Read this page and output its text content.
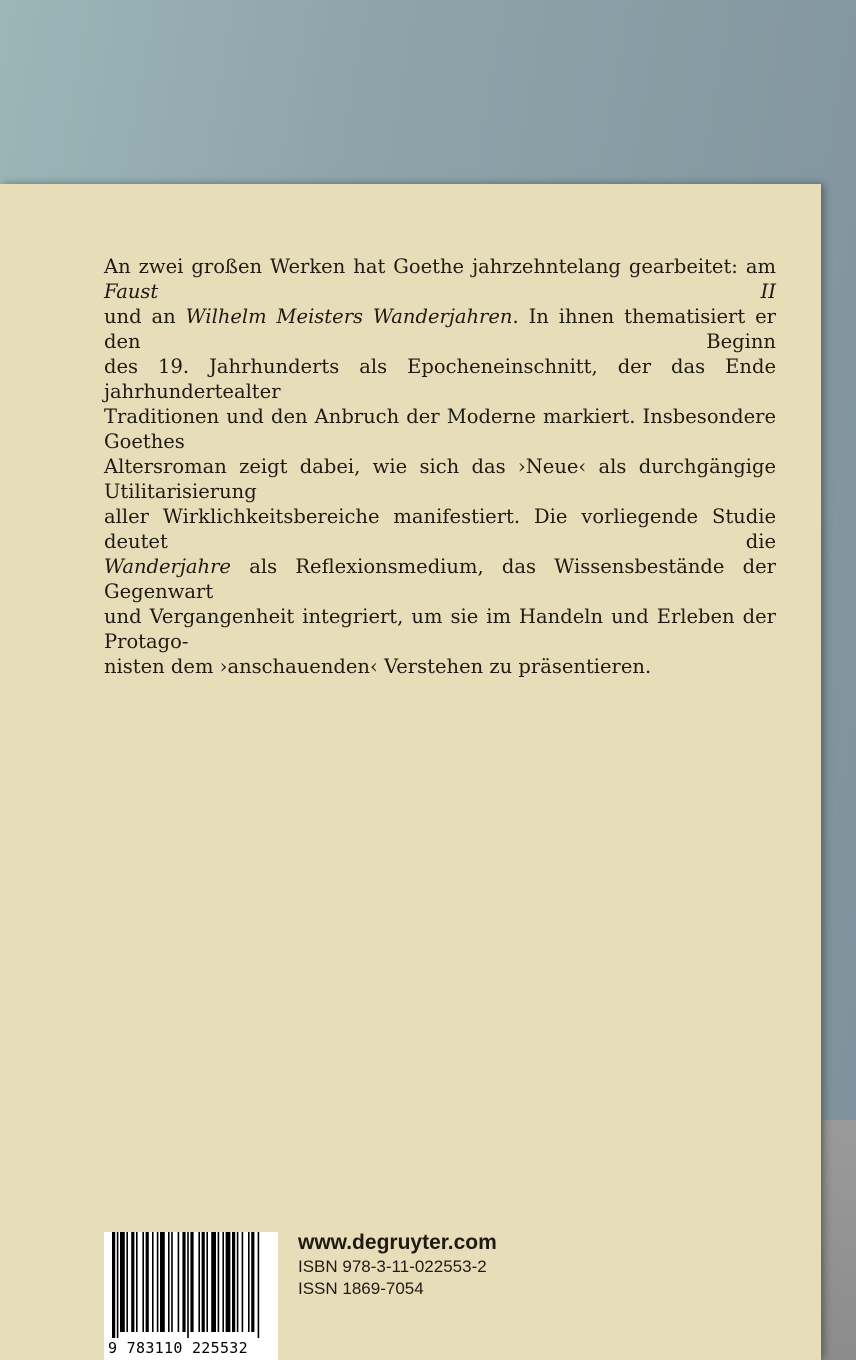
An zwei großen Werken hat Goethe jahrzehntelang gearbeitet: am Faust II
und an Wilhelm Meisters Wanderjahren. In ihnen thematisiert er den Beginn
des 19. Jahrhunderts als Epocheneinschnitt, der das Ende jahrhundertealter
Traditionen und den Anbruch der Moderne markiert. Insbesondere Goethes
Altersroman zeigt dabei, wie sich das ›Neue‹ als durchgängige Utilitarisierung
aller Wirklichkeitsbereiche manifestiert. Die vorliegende Studie deutet die
Wanderjahre als Reflexionsmedium, das Wissensbestände der Gegenwart
und Vergangenheit integriert, um sie im Handeln und Erleben der Protago-
nisten dem ›anschauenden‹ Verstehen zu präsentieren.

9 783110 225532
www.degruyter.com
ISBN 978-3-11-022553-2
ISSN 1869-7054
